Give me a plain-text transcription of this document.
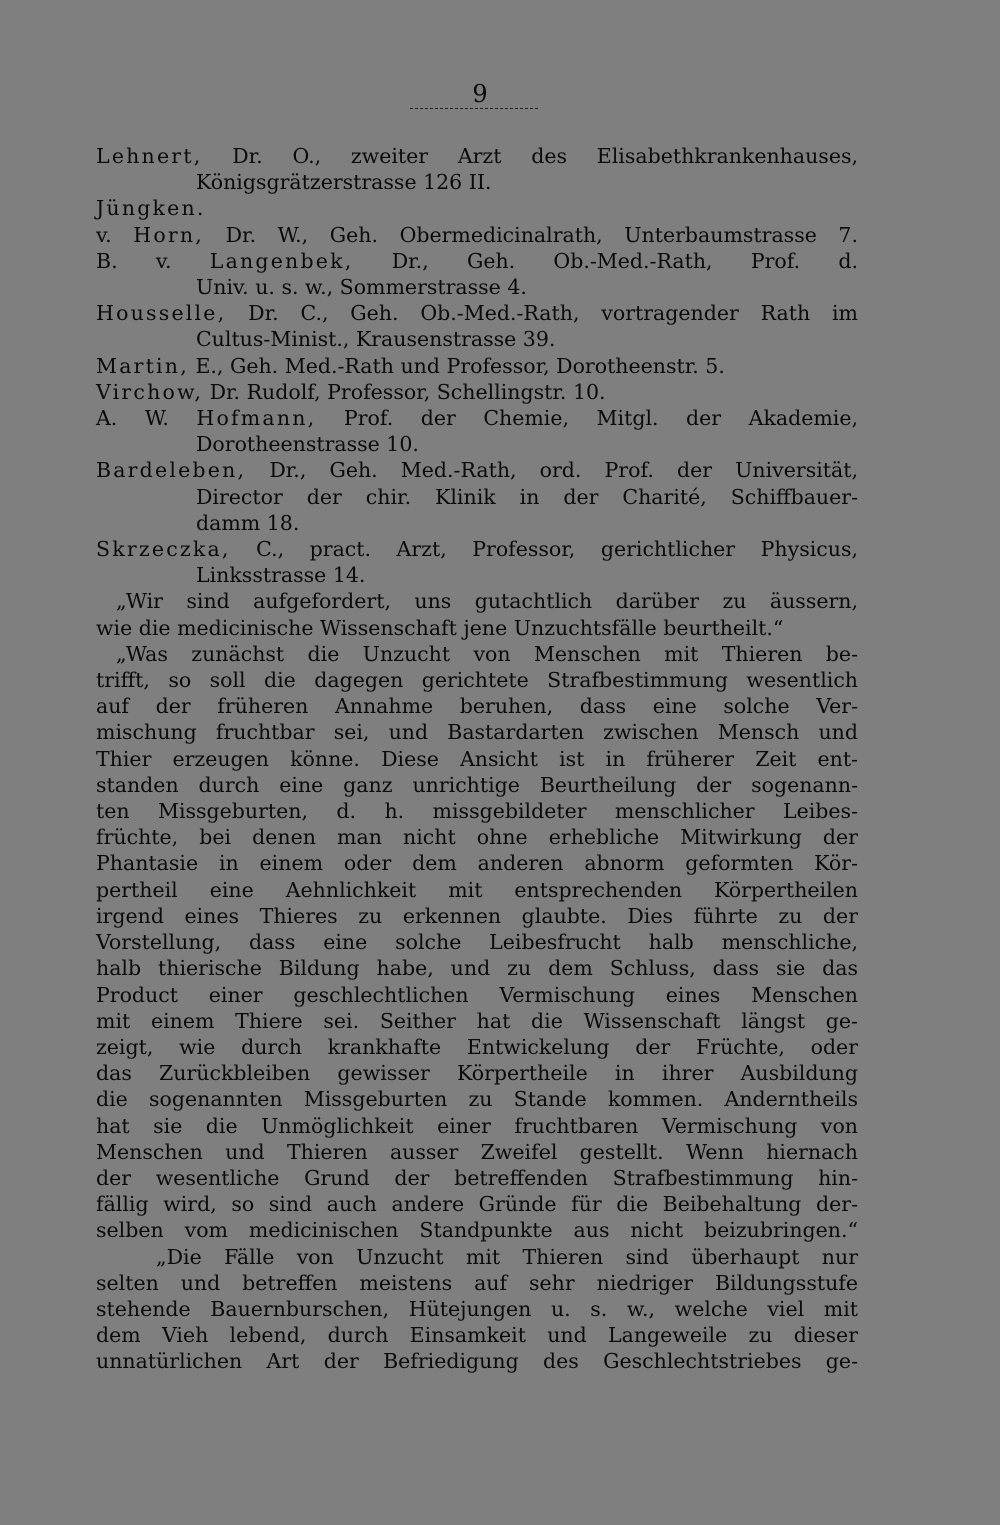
9
Lehnert, Dr. O., zweiter Arzt des Elisabethkrankenhauses,
Königsgrätzerstrasse 126 II.
Jüngken.
v. Horn, Dr. W., Geh. Obermedicinalrath, Unterbaumstrasse 7.
B. v. Langenbek, Dr., Geh. Ob.-Med.-Rath, Prof. d.
Univ. u. s. w., Sommerstrasse 4.
Housselle, Dr. C., Geh. Ob.-Med.-Rath, vortragender Rath im
Cultus-Minist., Krausenstrasse 39.
Martin, E., Geh. Med.-Rath und Professor, Dorotheenstr. 5.
Virchow, Dr. Rudolf, Professor, Schellingstr. 10.
A. W. Hofmann, Prof. der Chemie, Mitgl. der Akademie,
Dorotheenstrasse 10.
Bardeleben, Dr., Geh. Med.-Rath, ord. Prof. der Universität,
Director der chir. Klinik in der Charité, Schiffbauer-
damm 18.
Skrzeczka, C., pract. Arzt, Professor, gerichtlicher Physicus,
Linksstrasse 14.
„Wir sind aufgefordert, uns gutachtlich darüber zu äussern,
wie die medicinische Wissenschaft jene Unzuchtsfälle beurtheilt.“
„Was zunächst die Unzucht von Menschen mit Thieren be-
trifft, so soll die dagegen gerichtete Strafbestimmung wesentlich
auf der früheren Annahme beruhen, dass eine solche Ver-
mischung fruchtbar sei, und Bastardarten zwischen Mensch und
Thier erzeugen könne. Diese Ansicht ist in früherer Zeit ent-
standen durch eine ganz unrichtige Beurtheilung der sogenann-
ten Missgeburten, d. h. missgebildeter menschlicher Leibes-
früchte, bei denen man nicht ohne erhebliche Mitwirkung der
Phantasie in einem oder dem anderen abnorm geformten Kör-
pertheil eine Aehnlichkeit mit entsprechenden Körpertheilen
irgend eines Thieres zu erkennen glaubte. Dies führte zu der
Vorstellung, dass eine solche Leibesfrucht halb menschliche,
halb thierische Bildung habe, und zu dem Schluss, dass sie das
Product einer geschlechtlichen Vermischung eines Menschen
mit einem Thiere sei. Seither hat die Wissenschaft längst ge-
zeigt, wie durch krankhafte Entwickelung der Früchte, oder
das Zurückbleiben gewisser Körpertheile in ihrer Ausbildung
die sogenannten Missgeburten zu Stande kommen. Anderntheils
hat sie die Unmöglichkeit einer fruchtbaren Vermischung von
Menschen und Thieren ausser Zweifel gestellt. Wenn hiernach
der wesentliche Grund der betreffenden Strafbestimmung hin-
fällig wird, so sind auch andere Gründe für die Beibehaltung der-
selben vom medicinischen Standpunkte aus nicht beizubringen.“
„Die Fälle von Unzucht mit Thieren sind überhaupt nur
selten und betreffen meistens auf sehr niedriger Bildungsstufe
stehende Bauernburschen, Hütejungen u. s. w., welche viel mit
dem Vieh lebend, durch Einsamkeit und Langeweile zu dieser
unnatürlichen Art der Befriedigung des Geschlechtstriebes ge-
